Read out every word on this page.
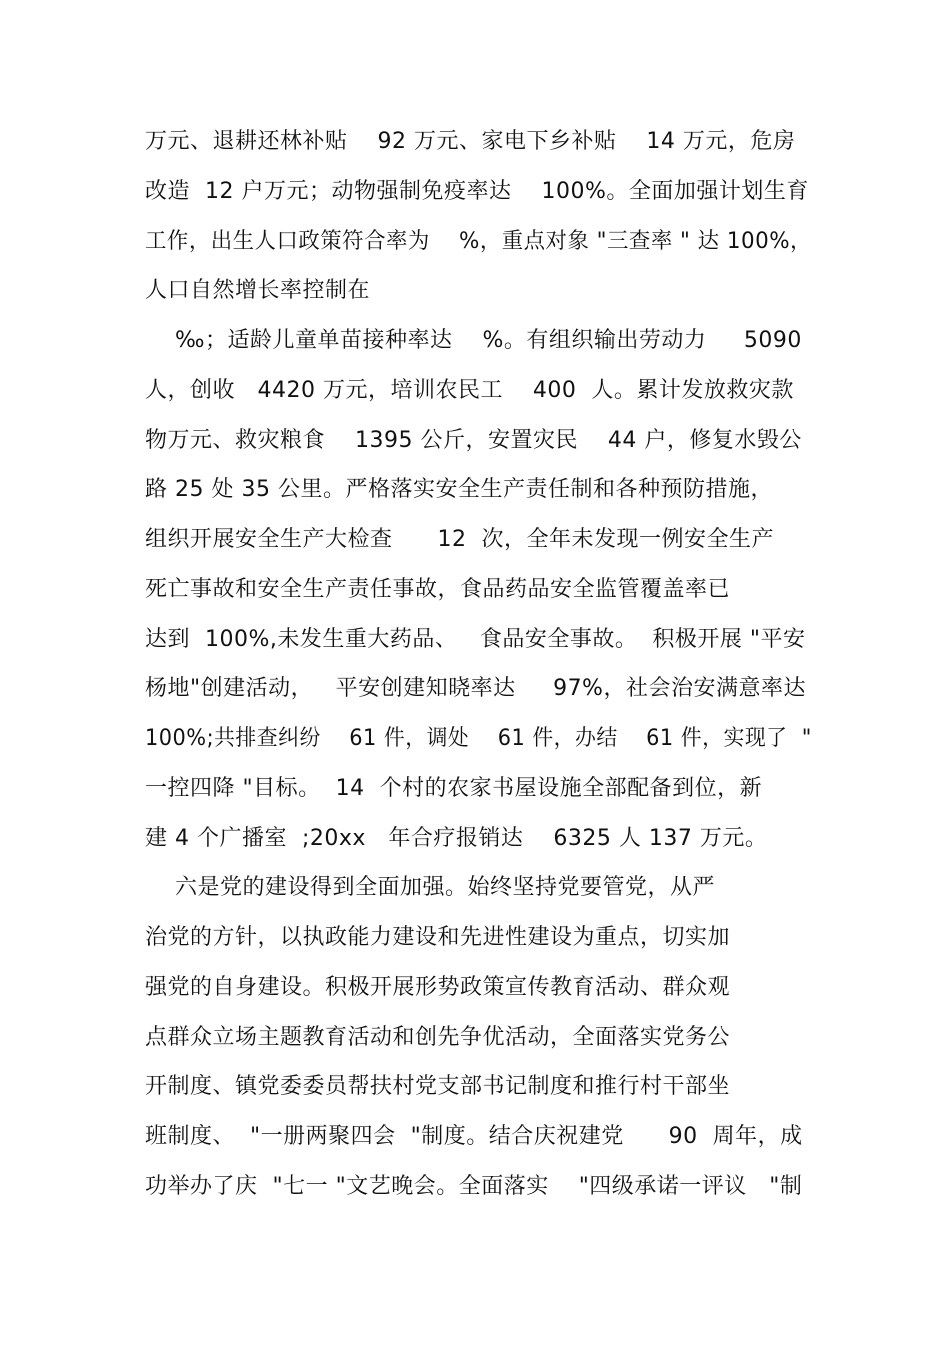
万元、退耕还林补贴    92 万元、家电下乡补贴    14 万元，危房

改造  12 户万元；动物强制免疫率达    100%。全面加强计划生育

工作，出生人口政策符合率为    %，重点对象 "三查率 " 达 100%，

人口自然增长率控制在

‰；适龄儿童单苗接种率达    %。有组织输出劳动力     5090

人，创收   4420 万元，培训农民工    400  人。累计发放救灾款

物万元、救灾粮食    1395 公斤，安置灾民    44 户，修复水毁公

路 25 处 35 公里。严格落实安全生产责任制和各种预防措施，

组织开展安全生产大检查      12  次，全年未发现一例安全生产

死亡事故和安全生产责任事故，食品药品安全监管覆盖率已

达到  100%,未发生重大药品、   食品安全事故。  积极开展 "平安

杨地"创建活动，   平安创建知晓率达     97%，社会治安满意率达

100%;共排查纠纷    61 件，调处    61 件，办结    61 件，实现了  "

一控四降 "目标。  14  个村的农家书屋设施全部配备到位，新

建 4 个广播室  ;20xx   年合疗报销达    6325 人 137 万元。

六是党的建设得到全面加强。始终坚持党要管党，从严

治党的方针，以执政能力建设和先进性建设为重点，切实加

强党的自身建设。积极开展形势政策宣传教育活动、群众观

点群众立场主题教育活动和创先争优活动，全面落实党务公

开制度、镇党委委员帮扶村党支部书记制度和推行村干部坐

班制度、  "一册两聚四会  "制度。结合庆祝建党      90  周年，成

功举办了庆  "七一 "文艺晚会。全面落实    "四级承诺一评议   "制
